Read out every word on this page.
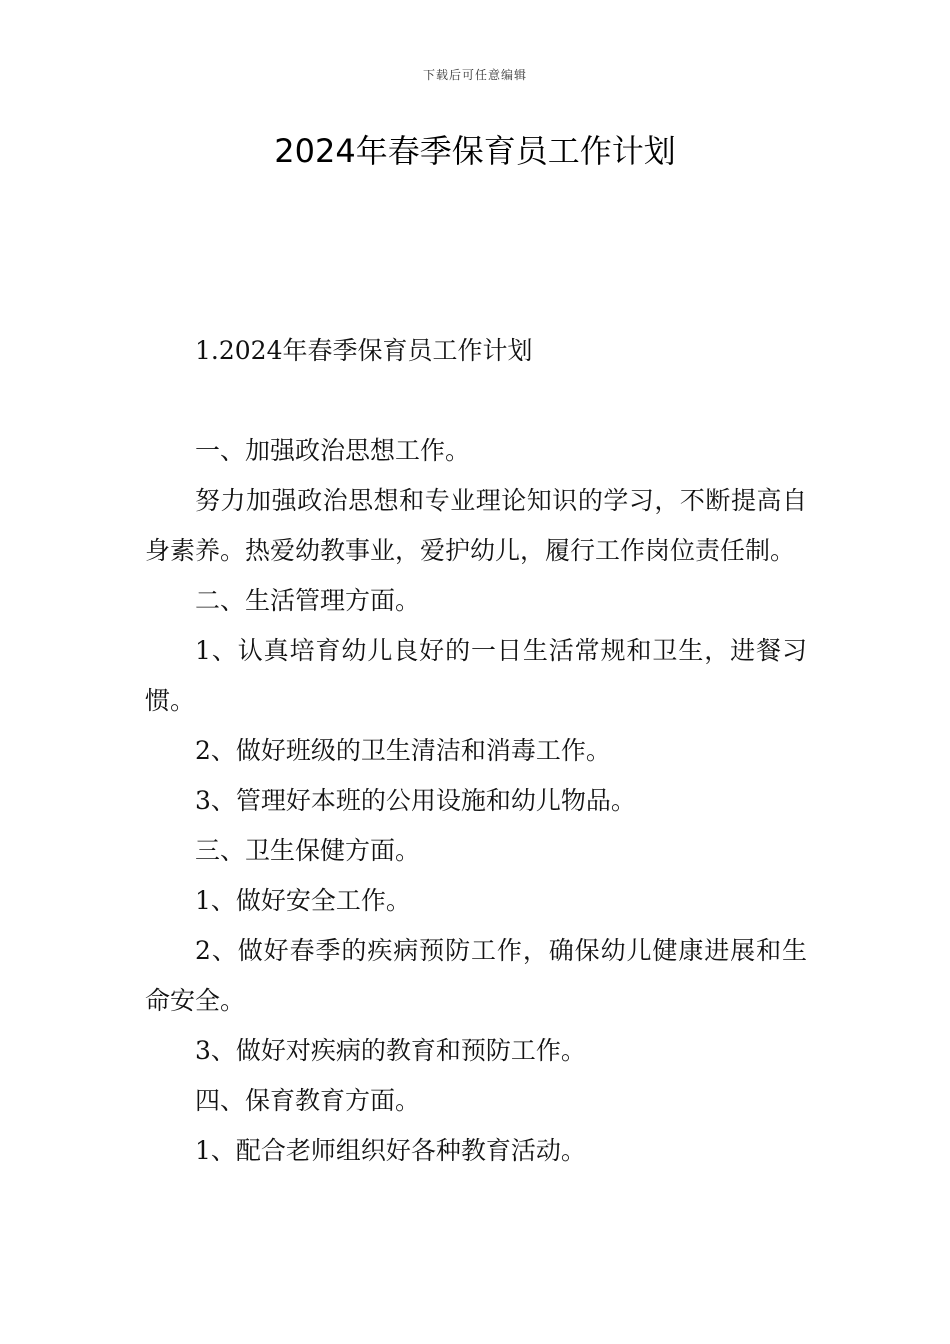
下载后可任意编辑
2024年春季保育员工作计划

1.2024年春季保育员工作计划

一、加强政治思想工作。

努力加强政治思想和专业理论知识的学习，不断提高自身素养。热爱幼教事业，爱护幼儿，履行工作岗位责任制。

二、生活管理方面。

1、认真培育幼儿良好的一日生活常规和卫生，进餐习惯。

2、做好班级的卫生清洁和消毒工作。

3、管理好本班的公用设施和幼儿物品。

三、卫生保健方面。

1、做好安全工作。

2、做好春季的疾病预防工作，确保幼儿健康进展和生命安全。

3、做好对疾病的教育和预防工作。

四、保育教育方面。

1、配合老师组织好各种教育活动。
